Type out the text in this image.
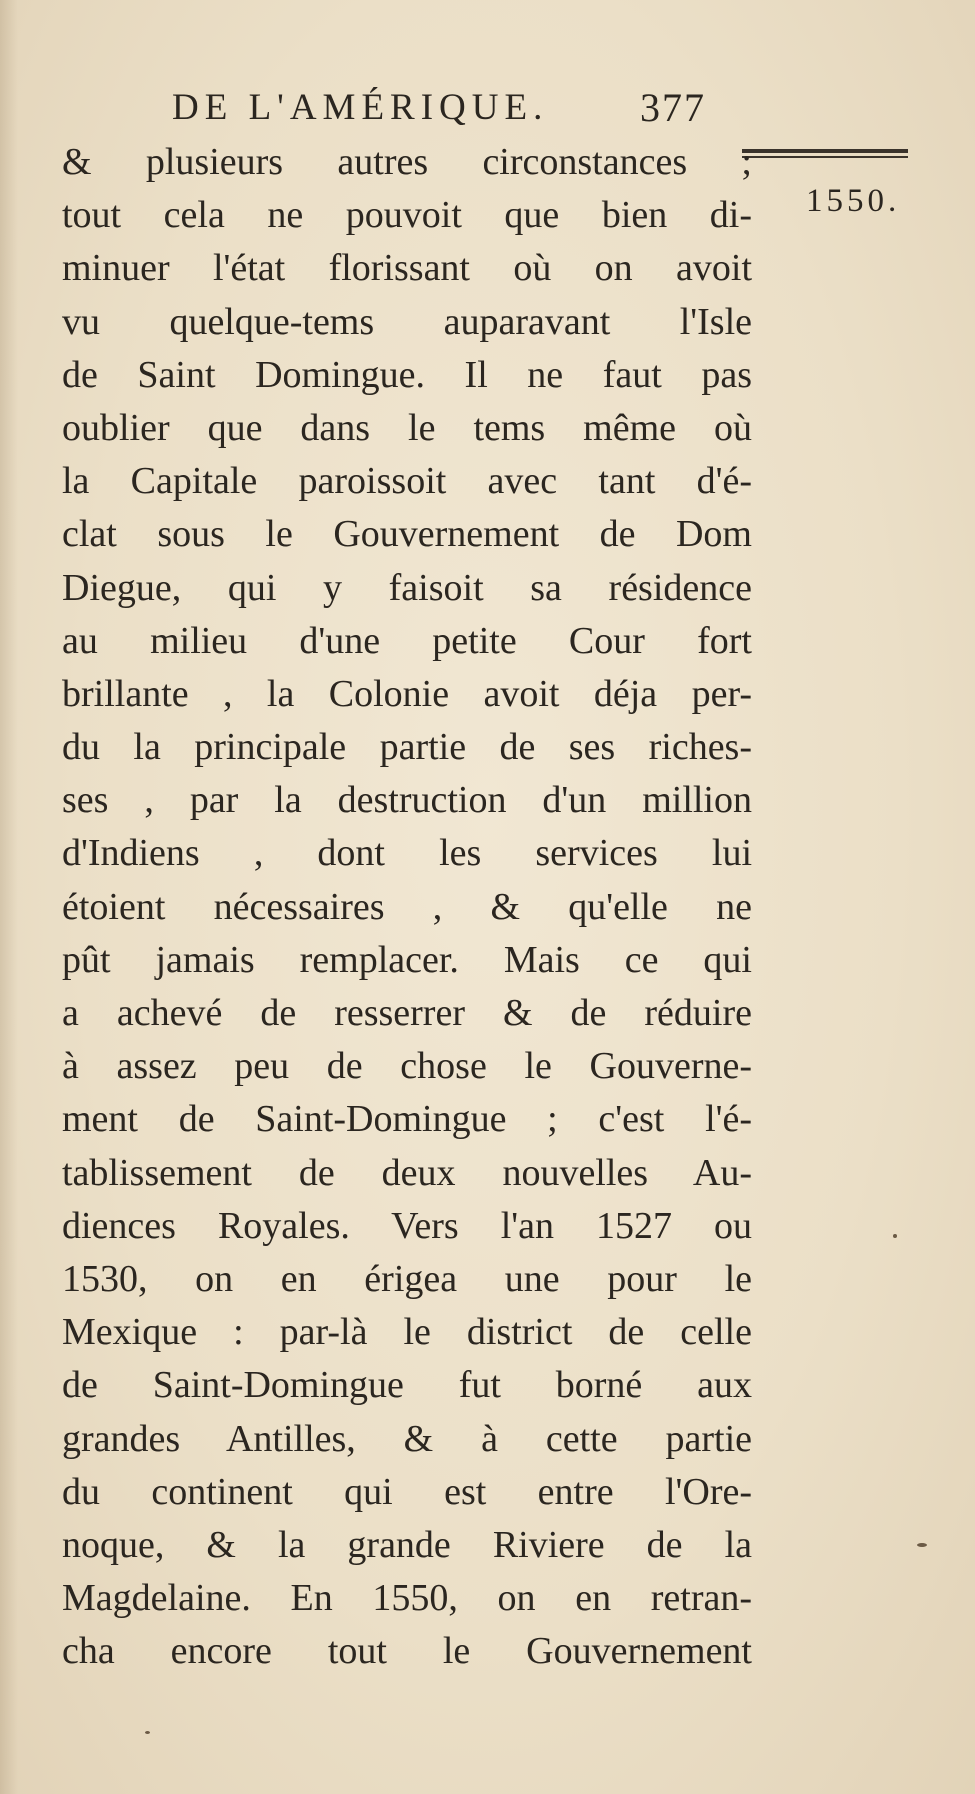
DE L'AMÉRIQUE. 377
1550.
& plusieurs autres circonstances ;
tout cela ne pouvoit que bien di-
minuer l'état florissant où on avoit
vu quelque-tems auparavant l'Isle
de Saint Domingue. Il ne faut pas
oublier que dans le tems même où
la Capitale paroissoit avec tant d'é-
clat sous le Gouvernement de Dom
Diegue, qui y faisoit sa résidence
au milieu d'une petite Cour fort
brillante , la Colonie avoit déja per-
du la principale partie de ses riches-
ses , par la destruction d'un million
d'Indiens , dont les services lui
étoient nécessaires , & qu'elle ne
pût jamais remplacer. Mais ce qui
a achevé de resserrer & de réduire
à assez peu de chose le Gouverne-
ment de Saint-Domingue ; c'est l'é-
tablissement de deux nouvelles Au-
diences Royales. Vers l'an 1527 ou
1530, on en érigea une pour le
Mexique : par-là le district de celle
de Saint-Domingue fut borné aux
grandes Antilles, & à cette partie
du continent qui est entre l'Ore-
noque, & la grande Riviere de la
Magdelaine. En 1550, on en retran-
cha encore tout le Gouvernement
